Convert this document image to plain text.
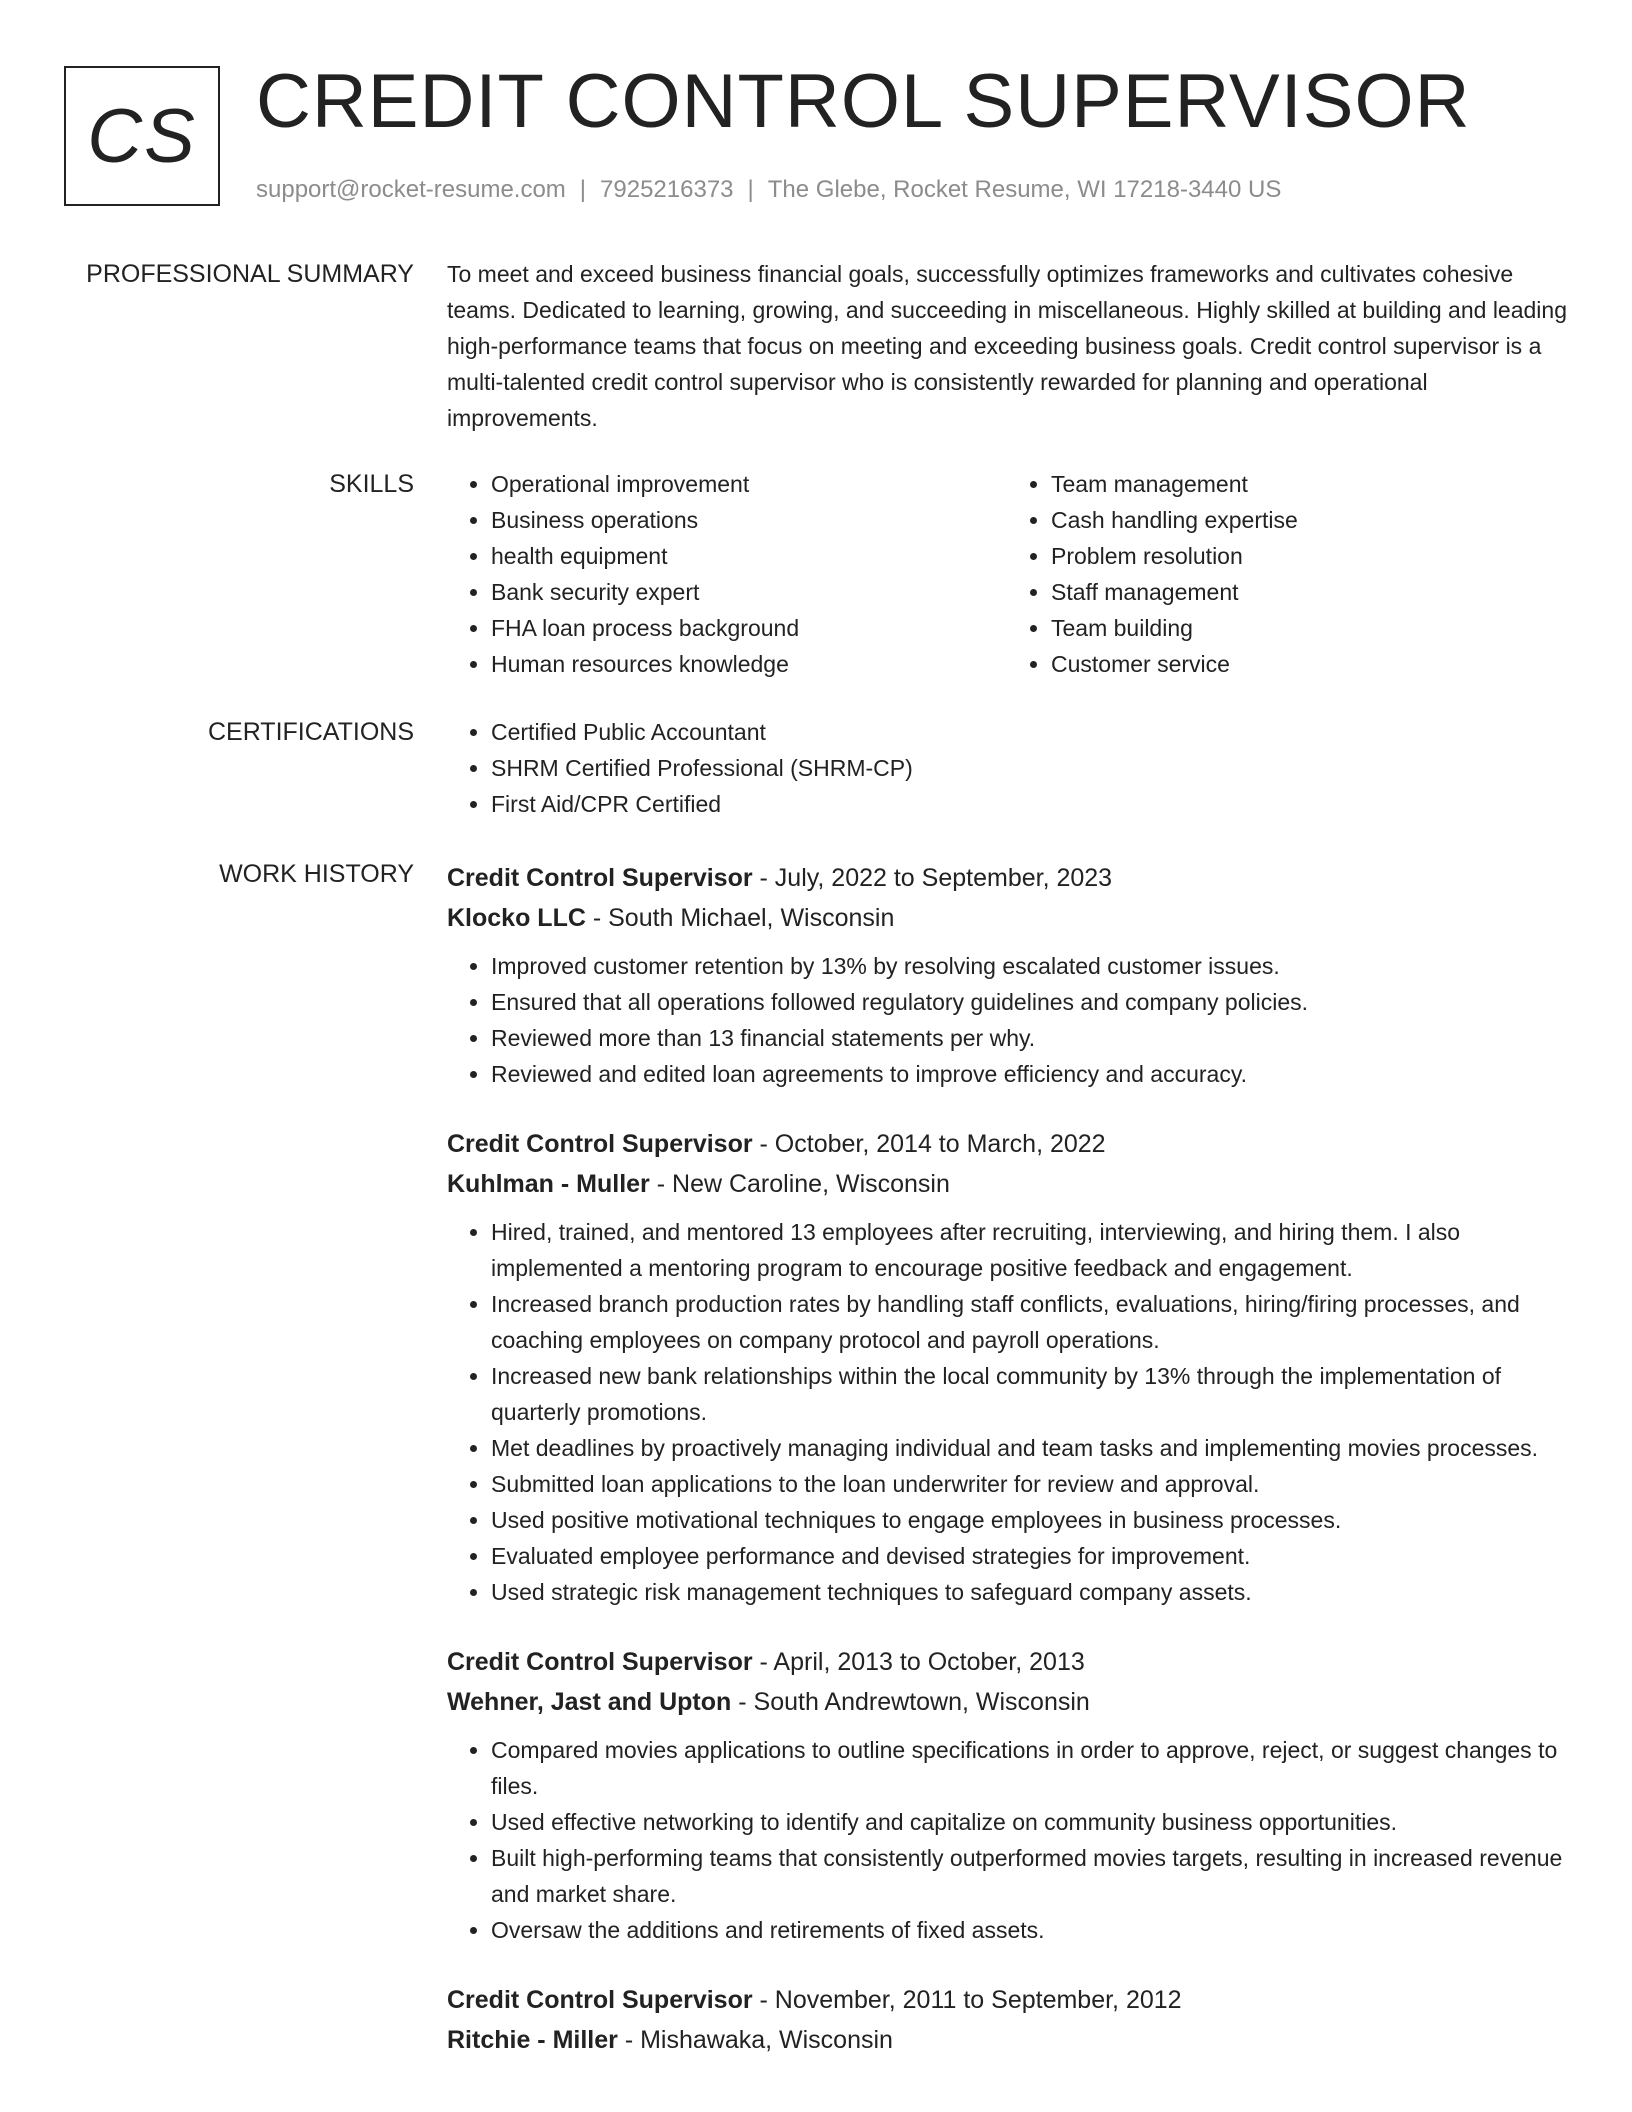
CS CREDIT CONTROL SUPERVISOR
support@rocket-resume.com | 7925216373 | The Glebe, Rocket Resume, WI 17218-3440 US
PROFESSIONAL SUMMARY To meet and exceed business financial goals, successfully optimizes frameworks and cultivates cohesive teams. Dedicated to learning, growing, and succeeding in miscellaneous. Highly skilled at building and leading high-performance teams that focus on meeting and exceeding business goals. Credit control supervisor is a multi-talented credit control supervisor who is consistently rewarded for planning and operational improvements.

SKILLS	• Operational improvement
• Business operations
• health equipment
• Bank security expert
• FHA loan process background
• Human resources knowledge
• Team management
• Cash handling expertise
• Problem resolution
• Staff management
• Team building
• Customer service
CERTIFICATIONS	• Certified Public Accountant
• SHRM Certified Professional (SHRM-CP)
• First Aid/CPR Certified
WORK HISTORY Credit Control Supervisor - July, 2022 to September, 2023
Klocko LLC - South Michael, Wisconsin
• Improved customer retention by 13% by resolving escalated customer issues.
• Ensured that all operations followed regulatory guidelines and company policies.
• Reviewed more than 13 financial statements per why.
• Reviewed and edited loan agreements to improve efficiency and accuracy.
Credit Control Supervisor - October, 2014 to March, 2022
Kuhlman - Muller - New Caroline, Wisconsin
• Hired, trained, and mentored 13 employees after recruiting, interviewing, and hiring them. I also implemented a mentoring program to encourage positive feedback and engagement.
• Increased branch production rates by handling staff conflicts, evaluations, hiring/firing processes, and coaching employees on company protocol and payroll operations.
• Increased new bank relationships within the local community by 13% through the implementation of quarterly promotions.
• Met deadlines by proactively managing individual and team tasks and implementing movies processes.
• Submitted loan applications to the loan underwriter for review and approval.
• Used positive motivational techniques to engage employees in business processes.
• Evaluated employee performance and devised strategies for improvement.
• Used strategic risk management techniques to safeguard company assets.
Credit Control Supervisor - April, 2013 to October, 2013
Wehner, Jast and Upton - South Andrewtown, Wisconsin
• Compared movies applications to outline specifications in order to approve, reject, or suggest changes to files.
• Used effective networking to identify and capitalize on community business opportunities.
• Built high-performing teams that consistently outperformed movies targets, resulting in increased revenue and market share.
• Oversaw the additions and retirements of fixed assets.
Credit Control Supervisor - November, 2011 to September, 2012
Ritchie - Miller - Mishawaka, Wisconsin
